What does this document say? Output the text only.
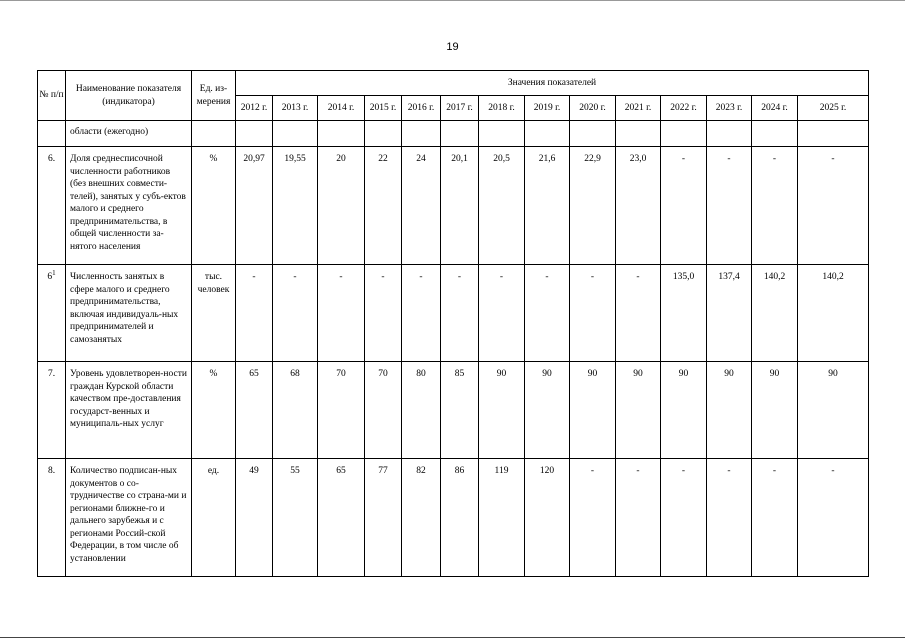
19
№ п/п	Наименование показателя (индикатора)	Ед. из-мерения	Значения показателей													
			2012 г.	2013 г.	2014 г.	2015 г.	2016 г.	2017 г.	2018 г.	2019 г.	2020 г.	2021 г.	2022 г.	2023 г.	2024 г.	2025 г.
	области (ежегодно)															
6.	Доля среднесписочной численности работников (без внешних совмести-телей), занятых у субъ-ектов малого и среднего предпринимательства, в общей численности за-нятого населения	%	20,97	19,55	20	22	24	20,1	20,5	21,6	22,9	23,0	-	-	-	-
$6^1$	Численность занятых в сфере малого и среднего предпринимательства, включая индивидуаль-ных предпринимателей и самозанятых	тыс. человек	-	-	-	-	-	-	-	-	-	-	135,0	137,4	140,2	140,2
7.	Уровень удовлетворен-ности граждан Курской области качеством пре-доставления государст-венных и муниципаль-ных услуг	%	65	68	70	70	80	85	90	90	90	90	90	90	90	90
8.	Количество подписан-ных документов о со-трудничестве со страна-ми и регионами ближне-го и дальнего зарубежья и с регионами Россий-ской Федерации, в том числе об установлении	ед.	49	55	65	77	82	86	119	120	-	-	-	-	-	-
